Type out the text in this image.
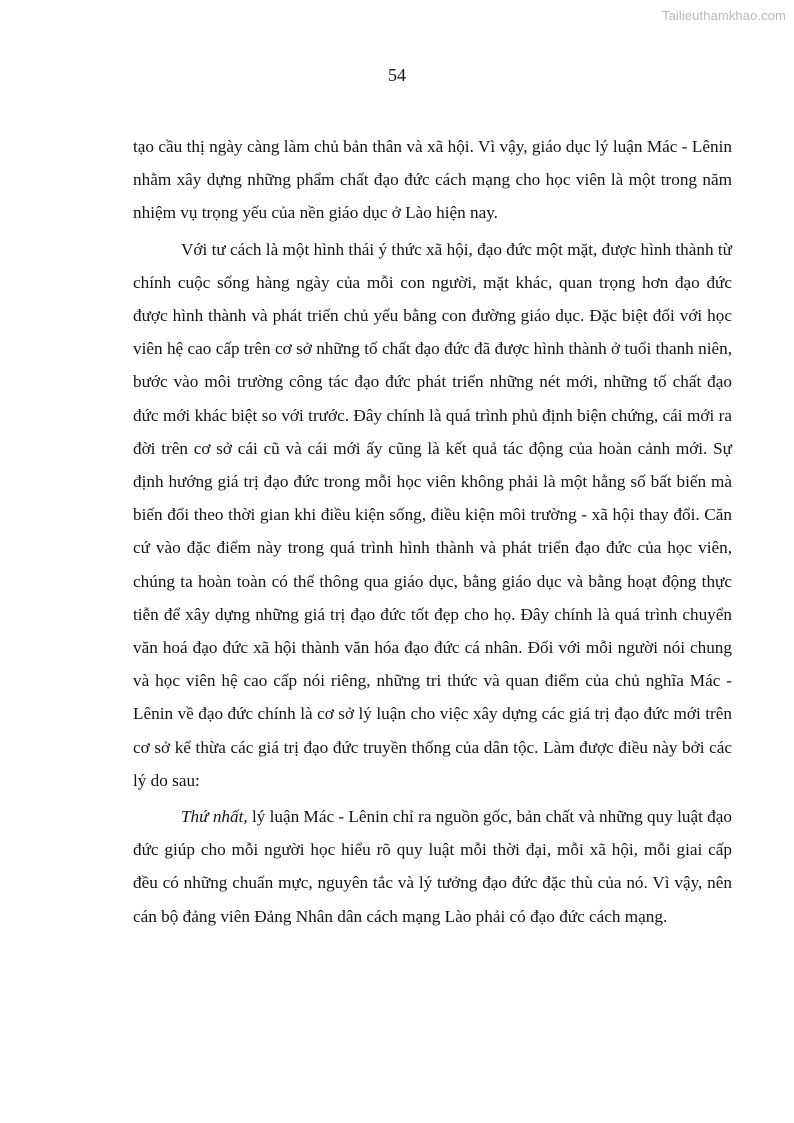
Tailieuthamkhao.com
54

tạo cầu thị ngày càng làm chủ bản thân và xã hội. Vì vậy, giáo dục lý luận Mác - Lênin nhằm xây dựng những phẩm chất đạo đức cách mạng cho học viên là một trong năm nhiệm vụ trọng yếu của nền giáo dục ở Lào hiện nay.

Với tư cách là một hình thái ý thức xã hội, đạo đức một mặt, được hình thành từ chính cuộc sống hàng ngày của mỗi con người, mặt khác, quan trọng hơn đạo đức được hình thành và phát triển chủ yếu bằng con đường giáo dục. Đặc biệt đối với học viên hệ cao cấp trên cơ sở những tố chất đạo đức đã được hình thành ở tuổi thanh niên, bước vào môi trường công tác đạo đức phát triển những nét mới, những tố chất đạo đức mới khác biệt so với trước. Đây chính là quá trình phủ định biện chứng, cái mới ra đời trên cơ sở cái cũ và cái mới ấy cũng là kết quả tác động của hoàn cảnh mới. Sự định hướng giá trị đạo đức trong mỗi học viên không phải là một hằng số bất biến mà biến đổi theo thời gian khi điều kiện sống, điều kiện môi trường - xã hội thay đổi. Căn cứ vào đặc điểm này trong quá trình hình thành và phát triển đạo đức của học viên, chúng ta hoàn toàn có thể thông qua giáo dục, bằng giáo dục và bằng hoạt động thực tiễn để xây dựng những giá trị đạo đức tốt đẹp cho họ. Đây chính là quá trình chuyển văn hoá đạo đức xã hội thành văn hóa đạo đức cá nhân. Đối với mỗi người nói chung và học viên hệ cao cấp nói riêng, những tri thức và quan điểm của chủ nghĩa Mác - Lênin về đạo đức chính là cơ sở lý luận cho việc xây dựng các giá trị đạo đức mới trên cơ sở kế thừa các giá trị đạo đức truyền thống của dân tộc. Làm được điều này bởi các lý do sau:

Thứ nhất, lý luận Mác - Lênin chỉ ra nguồn gốc, bản chất và những quy luật đạo đức giúp cho mỗi người học hiểu rõ quy luật mỗi thời đại, mỗi xã hội, mỗi giai cấp đều có những chuẩn mực, nguyên tắc và lý tưởng đạo đức đặc thù của nó. Vì vậy, nên cán bộ đảng viên Đảng Nhân dân cách mạng Lào phải có đạo đức cách mạng.
